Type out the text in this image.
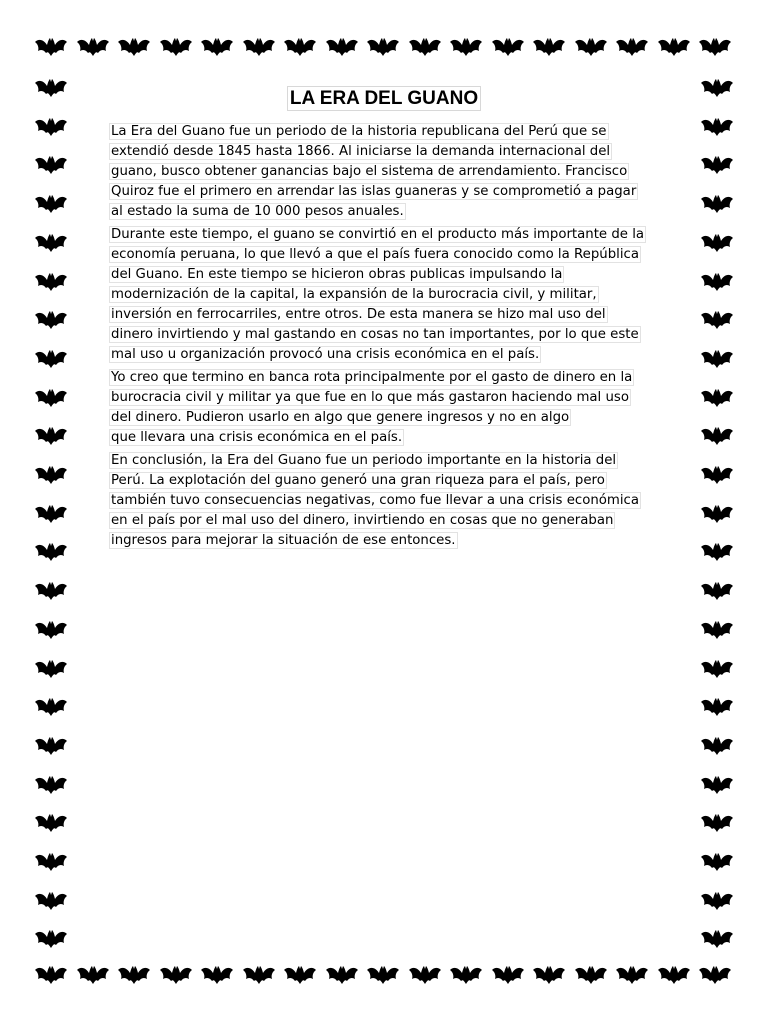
LA ERA DEL GUANO
La Era del Guano fue un periodo de la historia republicana del Perú que se
extendió desde 1845 hasta 1866. Al iniciarse la demanda internacional del
guano, busco obtener ganancias bajo el sistema de arrendamiento. Francisco
Quiroz fue el primero en arrendar las islas guaneras y se comprometió a pagar
al estado la suma de 10 000 pesos anuales.
Durante este tiempo, el guano se convirtió en el producto más importante de la
economía peruana, lo que llevó a que el país fuera conocido como la República
del Guano. En este tiempo se hicieron obras publicas impulsando la
modernización de la capital, la expansión de la burocracia civil, y militar,
inversión en ferrocarriles, entre otros. De esta manera se hizo mal uso del
dinero invirtiendo y mal gastando en cosas no tan importantes, por lo que este
mal uso u organización provocó una crisis económica en el país.
Yo creo que termino en banca rota principalmente por el gasto de dinero en la
burocracia civil y militar ya que fue en lo que más gastaron haciendo mal uso
del dinero. Pudieron usarlo en algo que genere ingresos y no en algo
que llevara una crisis económica en el país.
En conclusión, la Era del Guano fue un periodo importante en la historia del
Perú. La explotación del guano generó una gran riqueza para el país, pero
también tuvo consecuencias negativas, como fue llevar a una crisis económica
en el país por el mal uso del dinero, invirtiendo en cosas que no generaban
ingresos para mejorar la situación de ese entonces.
